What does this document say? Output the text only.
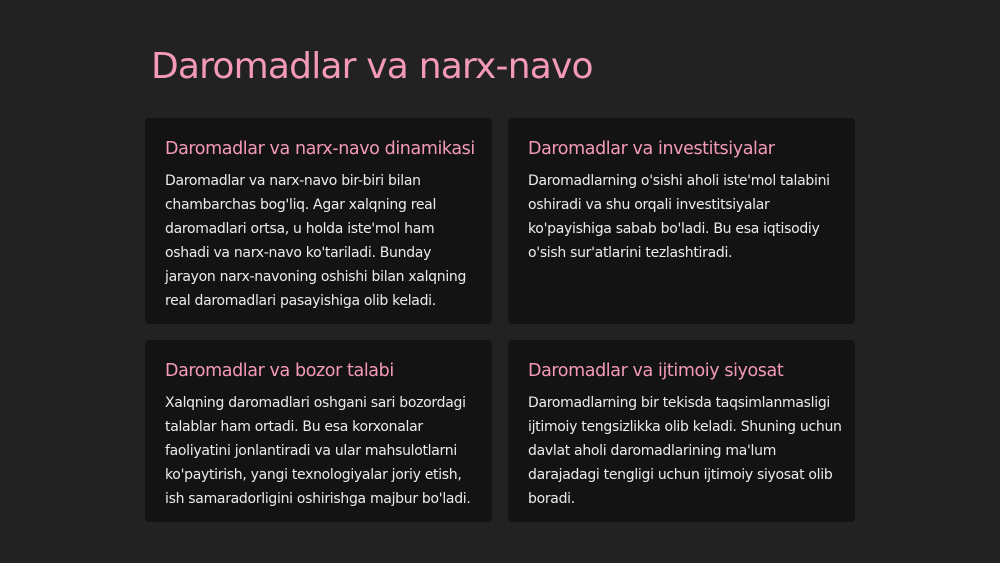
Daromadlar va narx-navo
Daromadlar va narx-navo dinamikasi

Daromadlar va narx-navo bir-biri bilan chambarchas bog'liq. Agar xalqning real daromadlari ortsa, u holda iste'mol ham oshadi va narx-navo ko'tariladi. Bunday jarayon narx-navoning oshishi bilan xalqning real daromadlari pasayishiga olib keladi.

Daromadlar va investitsiyalar

Daromadlarning o'sishi aholi iste'mol talabini oshiradi va shu orqali investitsiyalar ko'payishiga sabab bo'ladi. Bu esa iqtisodiy o'sish sur'atlarini tezlashtiradi.

Daromadlar va bozor talabi

Xalqning daromadlari oshgani sari bozordagi talablar ham ortadi. Bu esa korxonalar faoliyatini jonlantiradi va ular mahsulotlarni ko'paytirish, yangi texnologiyalar joriy etish, ish samaradorligini oshirishga majbur bo'ladi.

Daromadlar va ijtimoiy siyosat

Daromadlarning bir tekisda taqsimlanmasligi ijtimoiy tengsizlikka olib keladi. Shuning uchun davlat aholi daromadlarining ma'lum darajadagi tengligi uchun ijtimoiy siyosat olib boradi.
